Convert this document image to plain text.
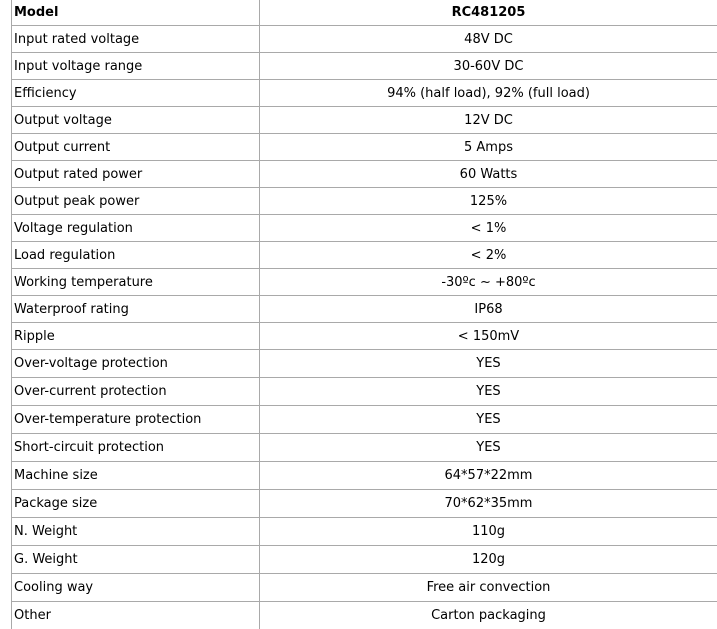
Model	RC481205
Input rated voltage	48V DC
Input voltage range	30-60V DC
Efficiency	94% (half load), 92% (full load)
Output voltage	12V DC
Output current	5 Amps
Output rated power	60 Watts
Output peak power	125%
Voltage regulation	< 1%
Load regulation	< 2%
Working temperature	-30ºc ~ +80ºc
Waterproof rating	IP68
Ripple	< 150mV
Over-voltage protection	YES
Over-current protection	YES
Over-temperature protection	YES
Short-circuit protection	YES
Machine size	64*57*22mm
Package size	70*62*35mm
N. Weight	110g
G. Weight	120g
Cooling way	Free air convection
Other	Carton packaging
